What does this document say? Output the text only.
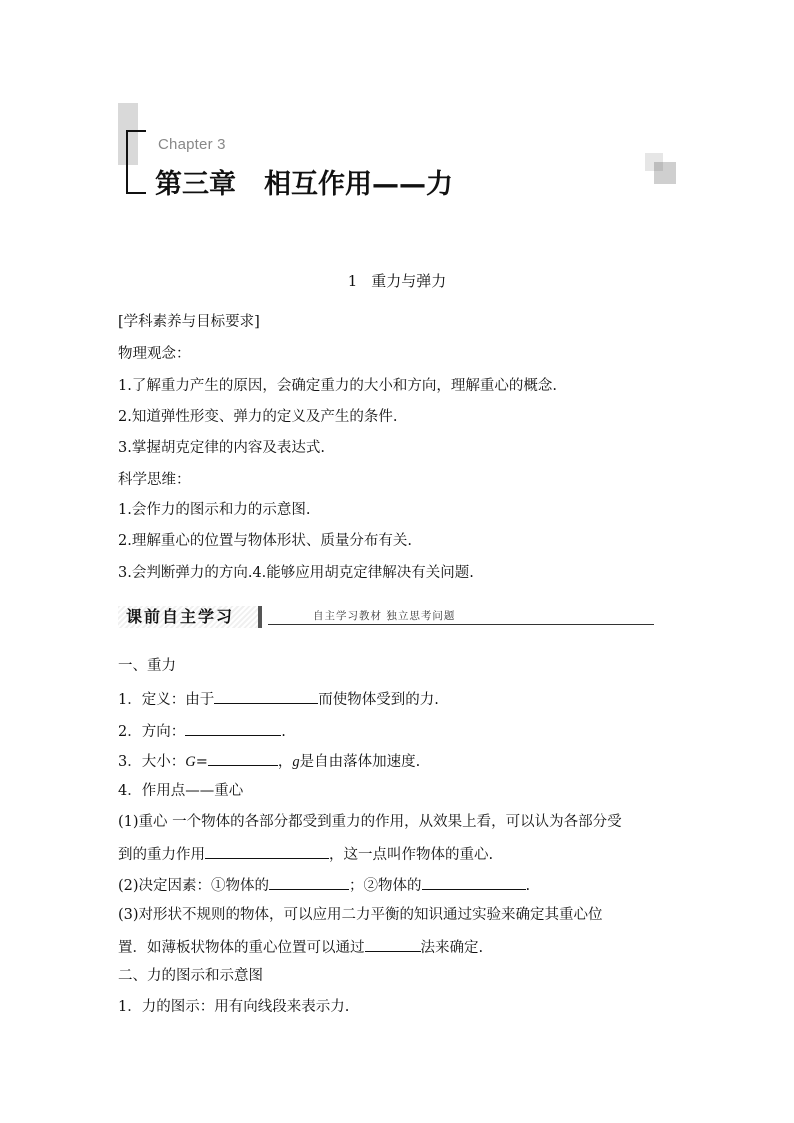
Chapter 3
第三章 相互作用——力
1 重力与弹力
[学科素养与目标要求]
物理观念：
1.了解重力产生的原因，会确定重力的大小和方向，理解重心的概念.
2.知道弹性形变、弹力的定义及产生的条件.
3.掌握胡克定律的内容及表达式.
科学思维：
1.会作力的图示和力的示意图.
2.理解重心的位置与物体形状、质量分布有关.
3.会判断弹力的方向.4.能够应用胡克定律解决有关问题.
课前自主学习	自主学习教材 独立思考问题
一、重力
1．定义：由于	而使物体受到的力.
2．方向：	.
3．大小：G=	，g是自由落体加速度.
4．作用点——重心
(1)重心 一个物体的各部分都受到重力的作用，从效果上看，可以认为各部分受
到的重力作用	，这一点叫作物体的重心.
(2)决定因素：①物体的	；②物体的	.
(3)对形状不规则的物体，可以应用二力平衡的知识通过实验来确定其重心位
置．如薄板状物体的重心位置可以通过	法来确定.
二、力的图示和示意图
1．力的图示：用有向线段来表示力.
